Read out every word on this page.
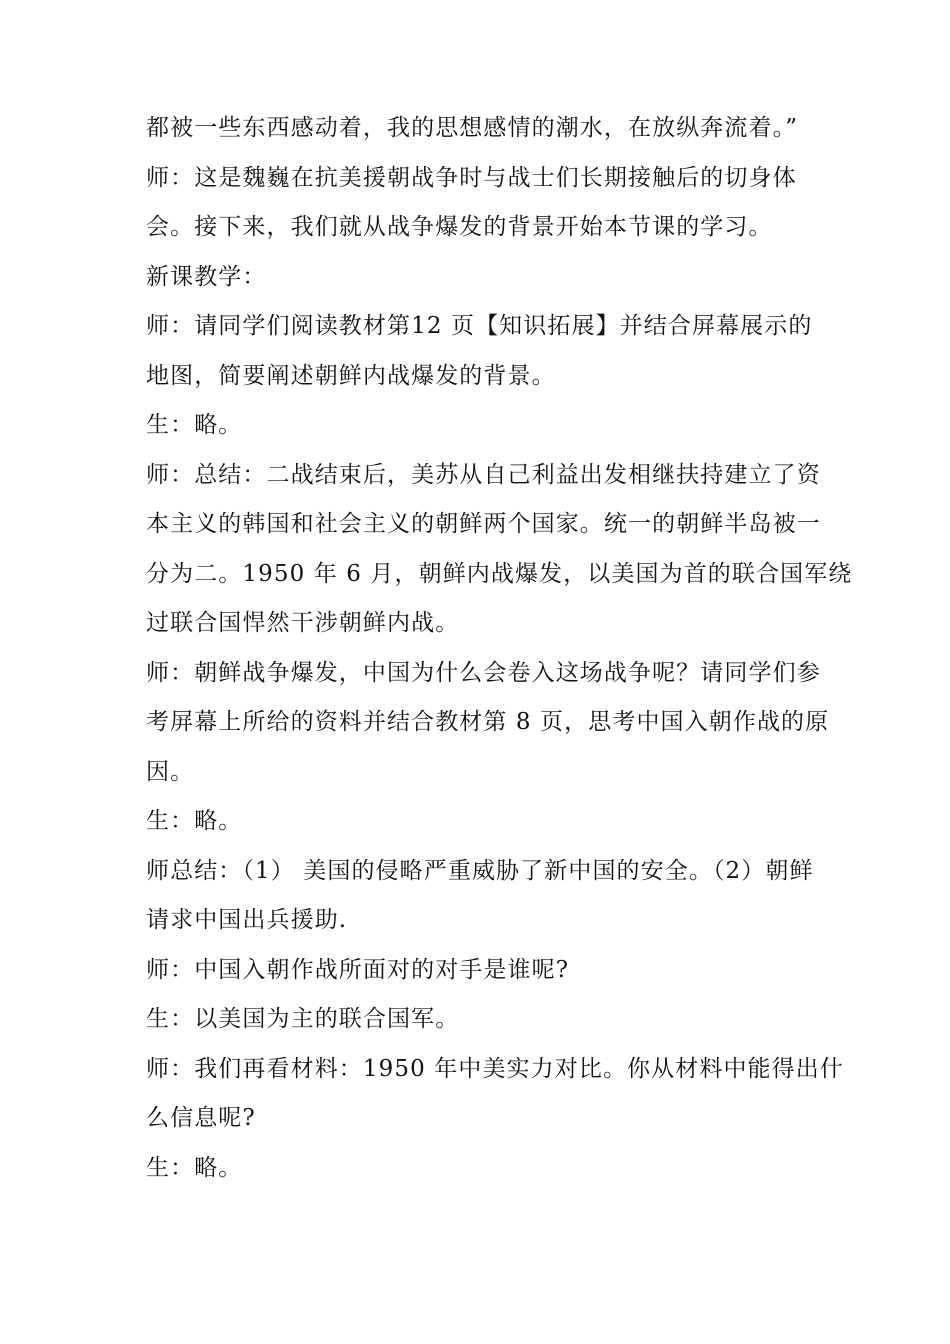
都被一些东西感动着，我的思想感情的潮水，在放纵奔流着。”
师：这是魏巍在抗美援朝战争时与战士们长期接触后的切身体
会。接下来，我们就从战争爆发的背景开始本节课的学习。
新课教学：
师：请同学们阅读教材第12 页【知识拓展】并结合屏幕展示的
地图，简要阐述朝鲜内战爆发的背景。
生：略。
师：总结：二战结束后，美苏从自己利益出发相继扶持建立了资
本主义的韩国和社会主义的朝鲜两个国家。统一的朝鲜半岛被一
分为二。1950 年 6 月，朝鲜内战爆发，以美国为首的联合国军绕
过联合国悍然干涉朝鲜内战。
师：朝鲜战争爆发，中国为什么会卷入这场战争呢？请同学们参
考屏幕上所给的资料并结合教材第 8 页，思考中国入朝作战的原
因。
生：略。
师总结：（1） 美国的侵略严重威胁了新中国的安全。（2）朝鲜
请求中国出兵援助.
师：中国入朝作战所面对的对手是谁呢?
生：以美国为主的联合国军。
师：我们再看材料：1950 年中美实力对比。你从材料中能得出什
么信息呢?
生：略。
